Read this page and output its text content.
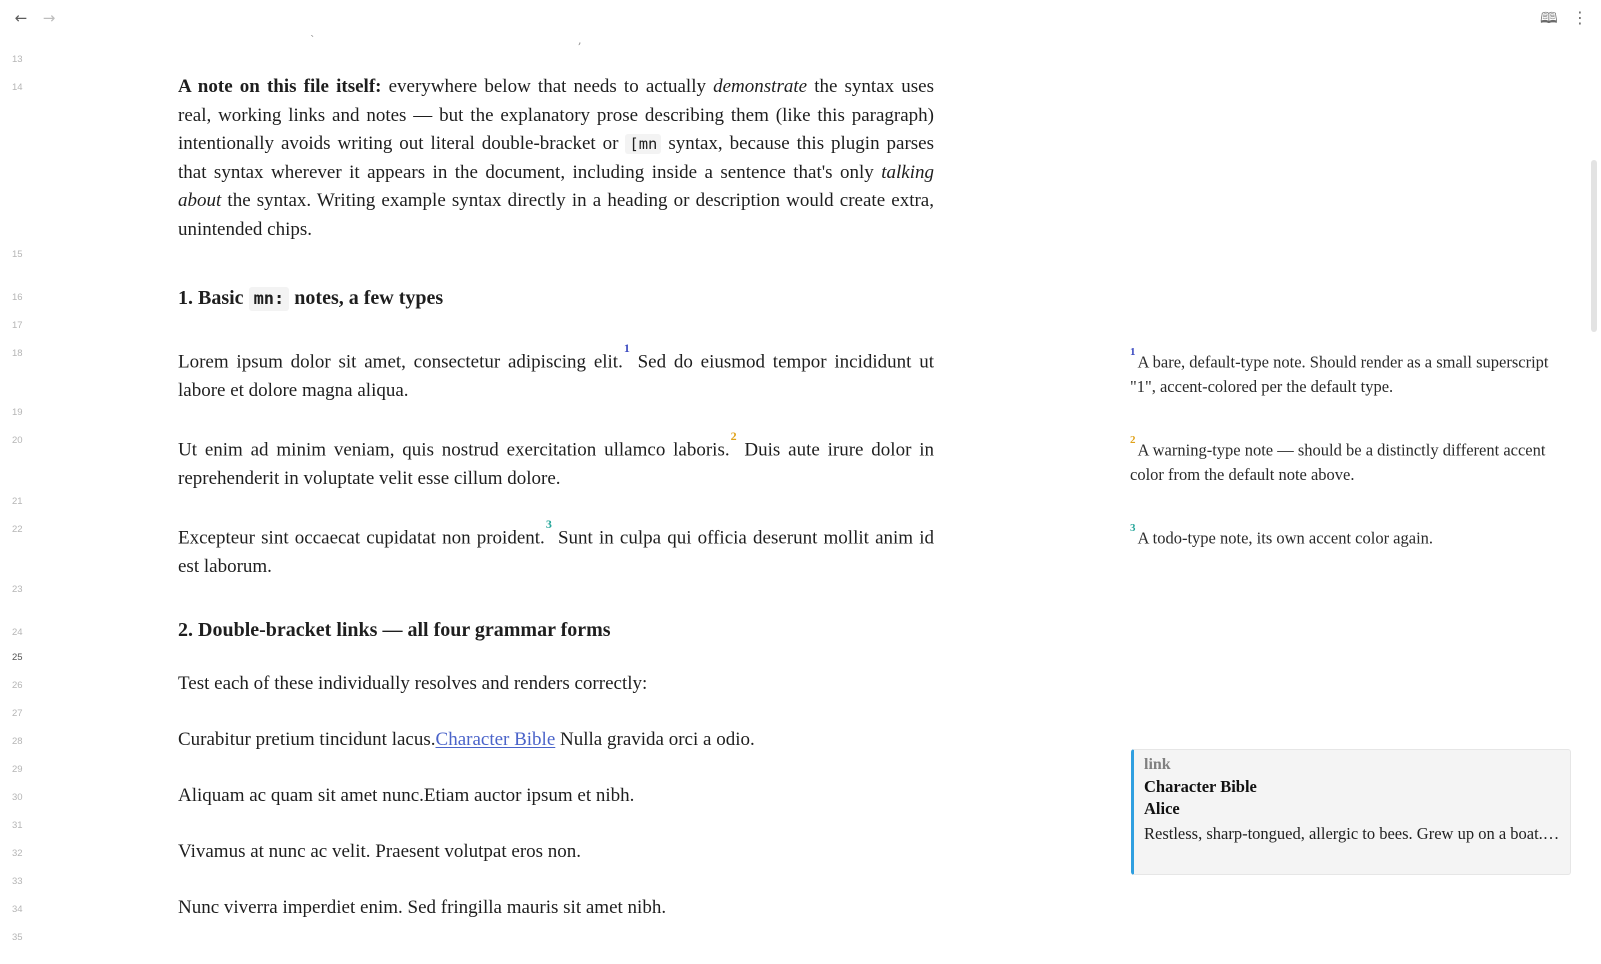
← →	🕮 ⋮
`	,
13
14
15
16
17
18
19
20
21
22
23
24
25
26
27
28
29
30
31
32
33
34
35

A note on this file itself: everywhere below that needs to actually demonstrate the syntax uses real, working links and notes — but the explanatory prose describing them (like this paragraph) intentionally avoids writing out literal double-bracket or [mn syntax, because this plugin parses that syntax wherever it appears in the document, including inside a sentence that's only talking about the syntax. Writing example syntax directly in a heading or description would create extra, unintended chips.

1. Basic mn: notes, a few types

Lorem ipsum dolor sit amet, consectetur adipiscing elit.$^1$ Sed do eiusmod tempor incididunt ut labore et dolore magna aliqua.

Ut enim ad minim veniam, quis nostrud exercitation ullamco laboris.$^2$ Duis aute irure dolor in reprehenderit in voluptate velit esse cillum dolore.

Excepteur sint occaecat cupidatat non proident.$^3$ Sunt in culpa qui officia deserunt mollit anim id est laborum.

2. Double-bracket links — all four grammar forms

Test each of these individually resolves and renders correctly:

Curabitur pretium tincidunt lacus.Character Bible Nulla gravida orci a odio.

Aliquam ac quam sit amet nunc.Etiam auctor ipsum et nibh.

Vivamus at nunc ac velit. Praesent volutpat eros non.

Nunc viverra imperdiet enim. Sed fringilla mauris sit amet nibh.

$^1$A bare, default-type note. Should render as a small superscript "1", accent-colored per the default type.

$^2$A warning-type note — should be a distinctly different accent color from the default note above.

$^3$A todo-type note, its own accent color again.

link
Character Bible
Alice
Restless, sharp-tongued, allergic to bees. Grew up on a boat.…
